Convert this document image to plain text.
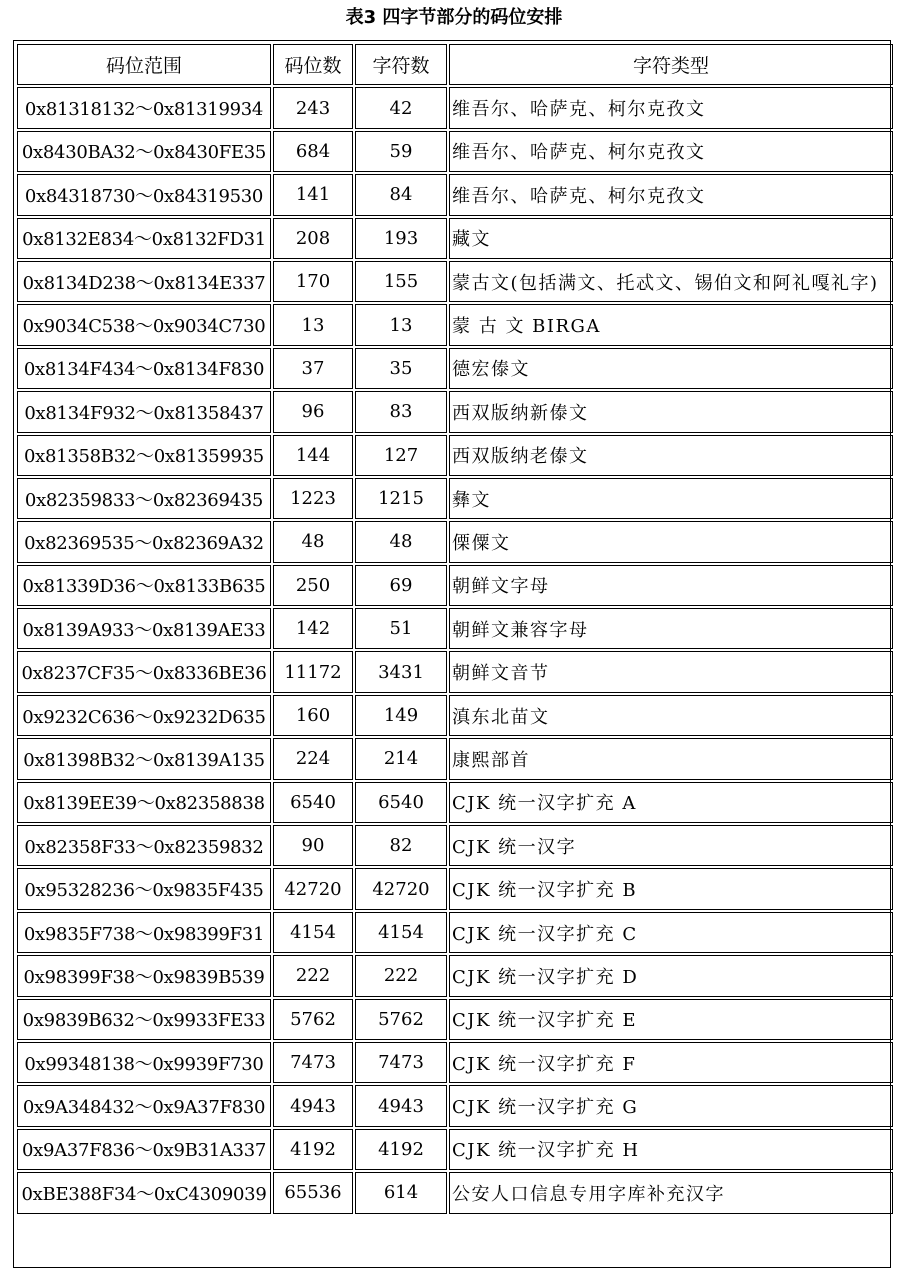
表3 四字节部分的码位安排
码位范围	码位数	字符数	字符类型
0x81318132～0x81319934	243	42	维吾尔、哈萨克、柯尔克孜文
0x8430BA32～0x8430FE35	684	59	维吾尔、哈萨克、柯尔克孜文
0x84318730～0x84319530	141	84	维吾尔、哈萨克、柯尔克孜文
0x8132E834～0x8132FD31	208	193	藏文
0x8134D238～0x8134E337	170	155	蒙古文(包括满文、托忒文、锡伯文和阿礼嘎礼字)
0x9034C538～0x9034C730	13	13	蒙 古 文 BIRGA
0x8134F434～0x8134F830	37	35	德宏傣文
0x8134F932～0x81358437	96	83	西双版纳新傣文
0x81358B32～0x81359935	144	127	西双版纳老傣文
0x82359833～0x82369435	1223	1215	彝文
0x82369535～0x82369A32	48	48	傈僳文
0x81339D36～0x8133B635	250	69	朝鲜文字母
0x8139A933～0x8139AE33	142	51	朝鲜文兼容字母
0x8237CF35～0x8336BE36	11172	3431	朝鲜文音节
0x9232C636～0x9232D635	160	149	滇东北苗文
0x81398B32～0x8139A135	224	214	康熙部首
0x8139EE39～0x82358838	6540	6540	CJK 统一汉字扩充 A
0x82358F33～0x82359832	90	82	CJK 统一汉字
0x95328236～0x9835F435	42720	42720	CJK 统一汉字扩充 B
0x9835F738～0x98399F31	4154	4154	CJK 统一汉字扩充 C
0x98399F38～0x9839B539	222	222	CJK 统一汉字扩充 D
0x9839B632～0x9933FE33	5762	5762	CJK 统一汉字扩充 E
0x99348138～0x9939F730	7473	7473	CJK 统一汉字扩充 F
0x9A348432～0x9A37F830	4943	4943	CJK 统一汉字扩充 G
0x9A37F836～0x9B31A337	4192	4192	CJK 统一汉字扩充 H
0xBE388F34～0xC4309039	65536	614	公安人口信息专用字库补充汉字
